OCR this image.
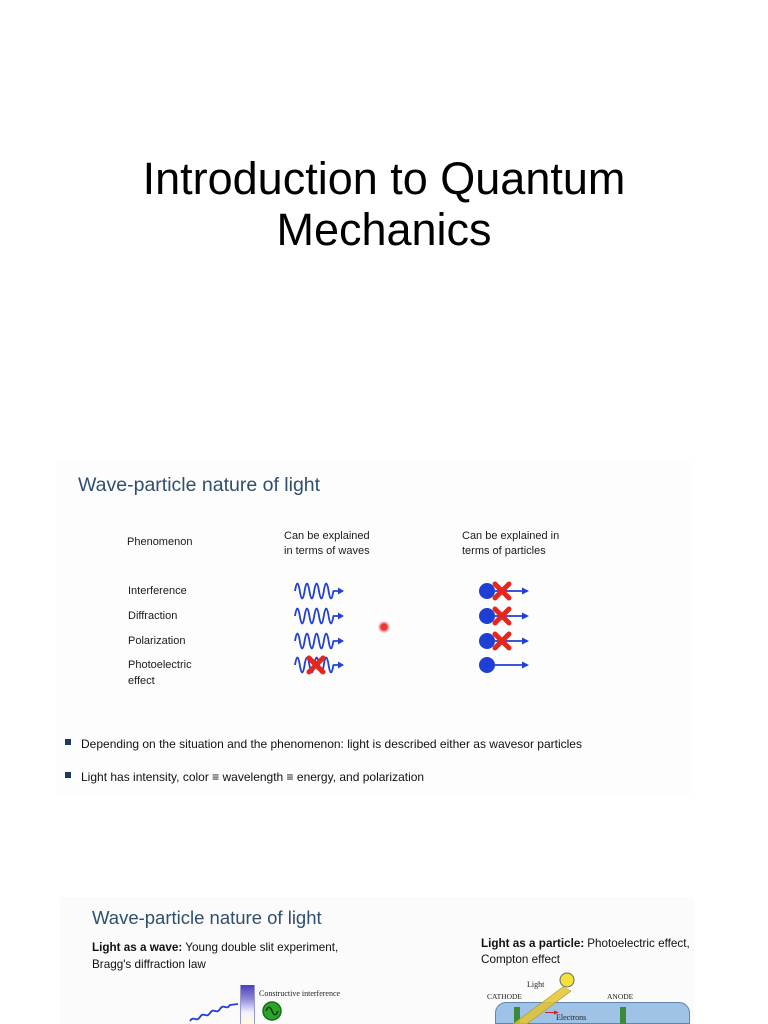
Introduction to Quantum
Mechanics
Wave-particle nature of light
Phenomenon	Can be explained
in terms of waves
Can be explained in
terms of particles
Interference
Diffraction
Polarization
Photoelectric
effect
Depending on the situation and the phenomenon: light is described either as wavesor particles
Light has intensity, color ≡ wavelength ≡ energy, and polarization
Wave-particle nature of light
Light as a wave: Young double slit experiment,
Bragg's diffraction law
Light as a particle: Photoelectric effect,
Compton effect
Constructive interference
Light
CATHODE	ANODE
Electrons
